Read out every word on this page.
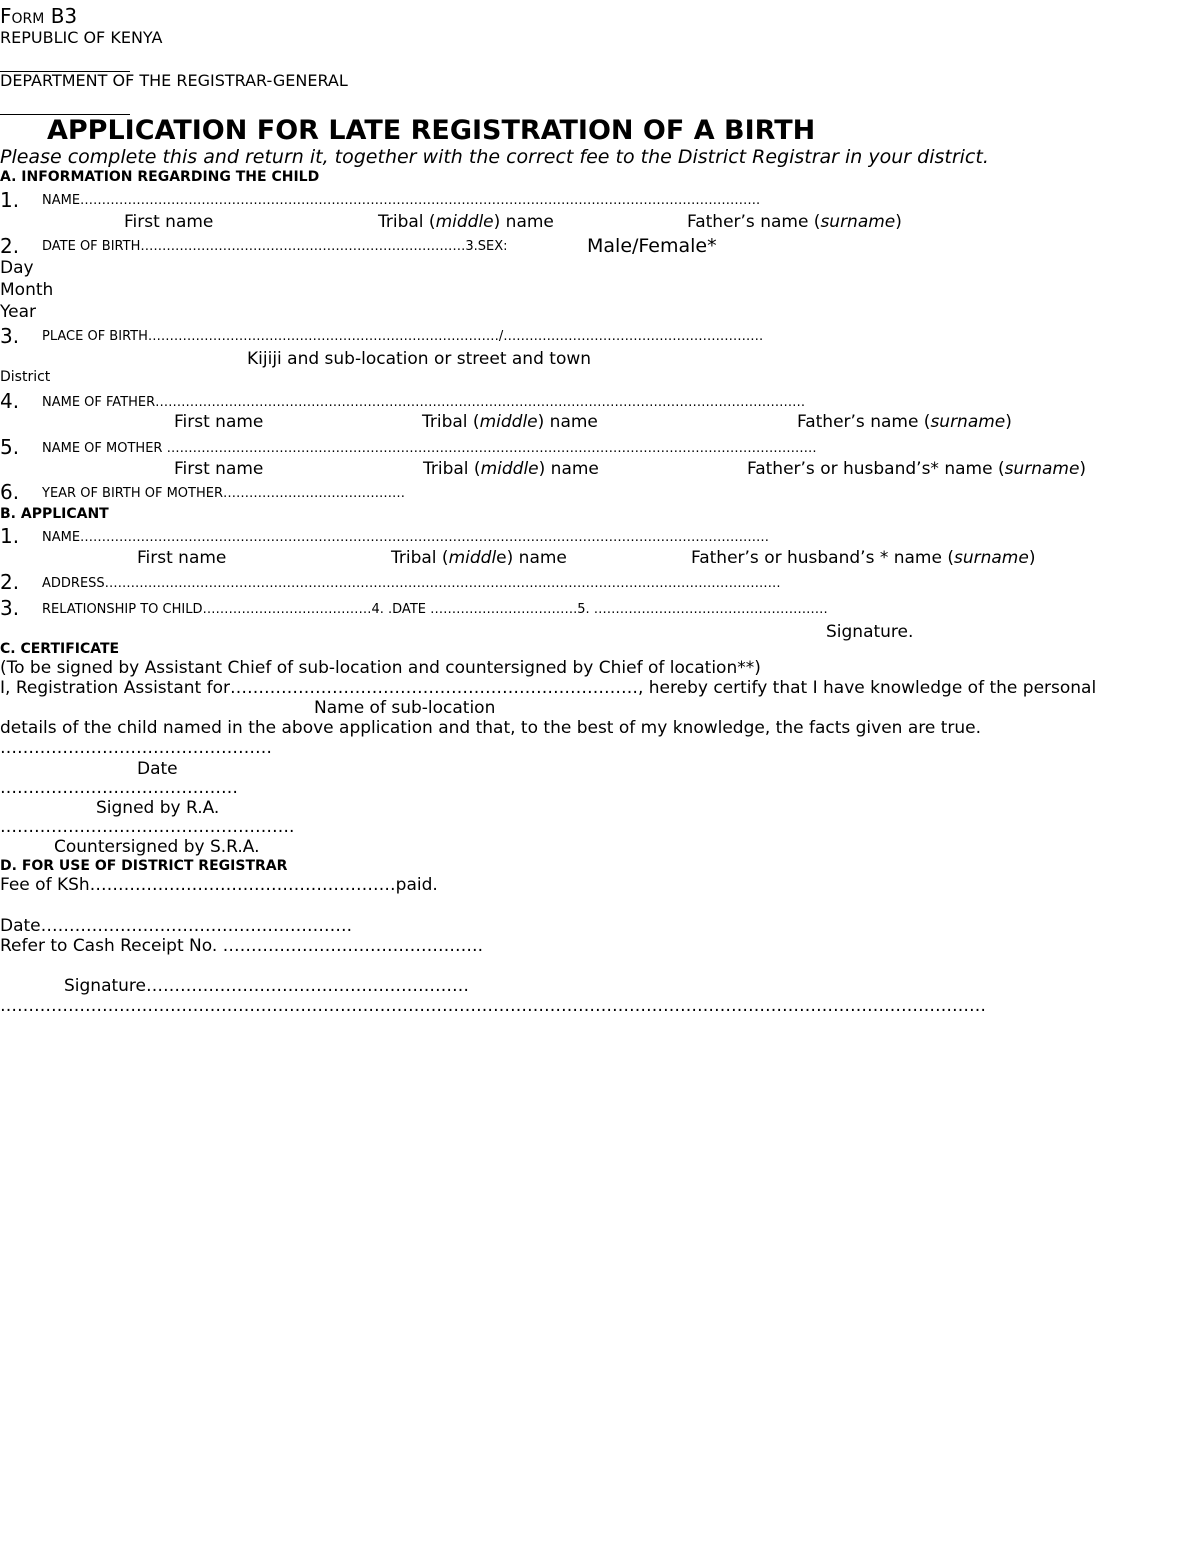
Form B3
REPUBLIC OF KENYA
DEPARTMENT OF THE REGISTRAR-GENERAL
APPLICATION FOR LATE REGISTRATION OF A BIRTH
Please complete this and return it, together with the correct fee to the District Registrar in your district.
A. INFORMATION REGARDING THE CHILD
1. NAME………………………………………………………………………………………………………………………………………….
First name	Tribal (middle) name	Father’s name (surname)
2. DATE OF BIRTH…………………………………………………………………3.SEX:	Male/Female*
Day
Month
Year
3. PLACE OF BIRTH………………………………………………………………………/……………………………………………………
Kijiji and sub-location or street and town
District
4. NAME OF FATHER……………………………………………………………………………………………………………………………………
First name	Tribal (middle) name	Father’s name (surname)
5. NAME OF MOTHER ……………………………………………………………………………………………………………………………………
First name	Tribal (middle) name	Father’s or husband’s* name (surname)
6. YEAR OF BIRTH OF MOTHER……………………………………
B. APPLICANT
1. NAME……………………………………………………………………………………………………………………………………………
First name	Tribal (middle) name	Father’s or husband’s * name (surname)
2. ADDRESS…………………………………………………………………………………………………………………………………………
3. RELATIONSHIP TO CHILD…………………………………4. .DATE …………………………….5. ………………………………………………
Signature.
C. CERTIFICATE
(To be signed by Assistant Chief of sub-location and countersigned by Chief of location**)
I, Registration Assistant for………………………………………………………………, hereby certify that I have knowledge of the personal
Name of sub-location
details of the child named in the above application and that, to the best of my knowledge, the facts given are true.
…………………………………………
Date
……………………………………
Signed by R.A.
…………………………………………….
Countersigned by S.R.A.
D. FOR USE OF DISTRICT REGISTRAR
Fee of KSh………………………………………………paid.
Date……………………………………………….
Refer to Cash Receipt No. ……………………………………….
Signature…………………………………………………
…………………………………………………………………………………………………………………………………………………………
